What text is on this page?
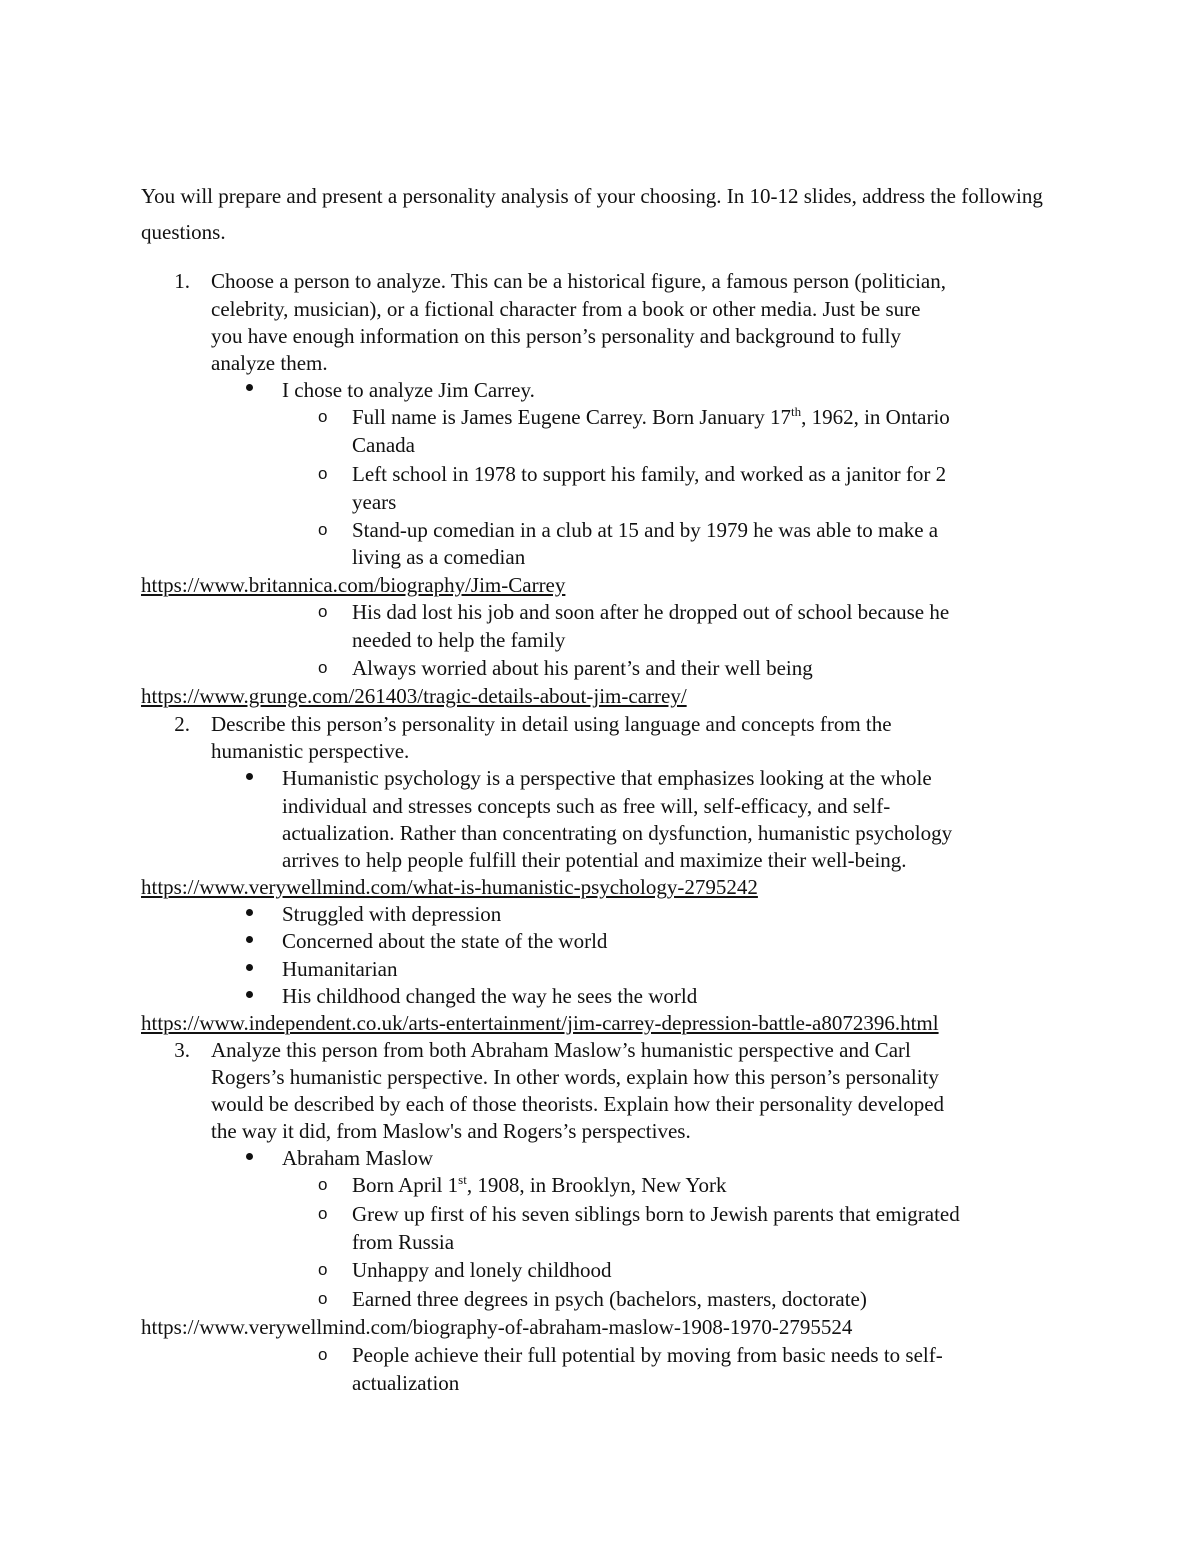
You will prepare and present a personality analysis of your choosing. In 10-12 slides, address the following questions.
1. Choose a person to analyze. This can be a historical figure, a famous person (politician,
celebrity, musician), or a fictional character from a book or other media. Just be sure
you have enough information on this person’s personality and background to fully
analyze them.
I chose to analyze Jim Carrey.
o Full name is James Eugene Carrey. Born January 17th, 1962, in Ontario
Canada
o Left school in 1978 to support his family, and worked as a janitor for 2
years
o Stand-up comedian in a club at 15 and by 1979 he was able to make a
living as a comedian
https://www.britannica.com/biography/Jim-Carrey
o His dad lost his job and soon after he dropped out of school because he
needed to help the family
o Always worried about his parent’s and their well being
https://www.grunge.com/261403/tragic-details-about-jim-carrey/
2. Describe this person’s personality in detail using language and concepts from the
humanistic perspective.
Humanistic psychology is a perspective that emphasizes looking at the whole
individual and stresses concepts such as free will, self-efficacy, and self-
actualization. Rather than concentrating on dysfunction, humanistic psychology
arrives to help people fulfill their potential and maximize their well-being.
https://www.verywellmind.com/what-is-humanistic-psychology-2795242
Struggled with depression
Concerned about the state of the world
Humanitarian
His childhood changed the way he sees the world
https://www.independent.co.uk/arts-entertainment/jim-carrey-depression-battle-a8072396.html
3. Analyze this person from both Abraham Maslow’s humanistic perspective and Carl
Rogers’s humanistic perspective. In other words, explain how this person’s personality
would be described by each of those theorists. Explain how their personality developed
the way it did, from Maslow's and Rogers’s perspectives.
Abraham Maslow
o Born April 1st, 1908, in Brooklyn, New York
o Grew up first of his seven siblings born to Jewish parents that emigrated
from Russia
o Unhappy and lonely childhood
o Earned three degrees in psych (bachelors, masters, doctorate)
https://www.verywellmind.com/biography-of-abraham-maslow-1908-1970-2795524
o People achieve their full potential by moving from basic needs to self-
actualization
